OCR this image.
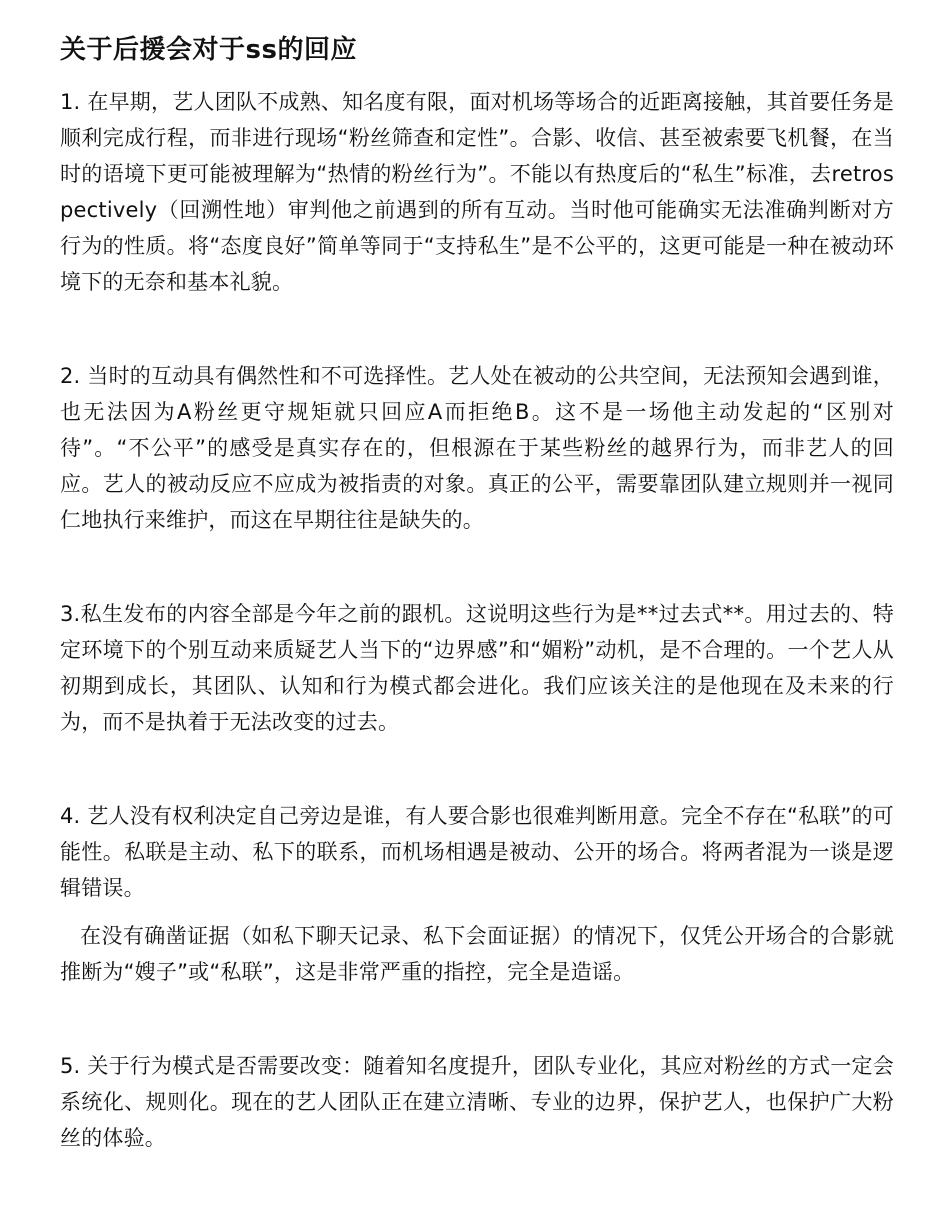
关于后援会对于ss的回应

1. 在早期，艺人团队不成熟、知名度有限，面对机场等场合的近距离接触，其首要任务是顺利完成行程，而非进行现场“粉丝筛查和定性”。合影、收信、甚至被索要飞机餐，在当时的语境下更可能被理解为“热情的粉丝行为”。不能以有热度后的“私生”标准，去retrospectively（回溯性地）审判他之前遇到的所有互动。当时他可能确实无法准确判断对方行为的性质。将“态度良好”简单等同于“支持私生”是不公平的，这更可能是一种在被动环境下的无奈和基本礼貌。

2. 当时的互动具有偶然性和不可选择性。艺人处在被动的公共空间，无法预知会遇到谁，也无法因为A粉丝更守规矩就只回应A而拒绝B。这不是一场他主动发起的“区别对待”。“不公平”的感受是真实存在的，但根源在于某些粉丝的越界行为，而非艺人的回应。艺人的被动反应不应成为被指责的对象。真正的公平，需要靠团队建立规则并一视同仁地执行来维护，而这在早期往往是缺失的。

3.私生发布的内容全部是今年之前的跟机。这说明这些行为是**过去式**。用过去的、特定环境下的个别互动来质疑艺人当下的“边界感”和“媚粉”动机，是不合理的。一个艺人从初期到成长，其团队、认知和行为模式都会进化。我们应该关注的是他现在及未来的行为，而不是执着于无法改变的过去。

4. 艺人没有权利决定自己旁边是谁，有人要合影也很难判断用意。完全不存在“私联”的可能性。私联是主动、私下的联系，而机场相遇是被动、公开的场合。将两者混为一谈是逻辑错误。

在没有确凿证据（如私下聊天记录、私下会面证据）的情况下，仅凭公开场合的合影就推断为“嫂子”或“私联”，这是非常严重的指控，完全是造谣。

5. 关于行为模式是否需要改变：随着知名度提升，团队专业化，其应对粉丝的方式一定会系统化、规则化。现在的艺人团队正在建立清晰、专业的边界，保护艺人，也保护广大粉丝的体验。
